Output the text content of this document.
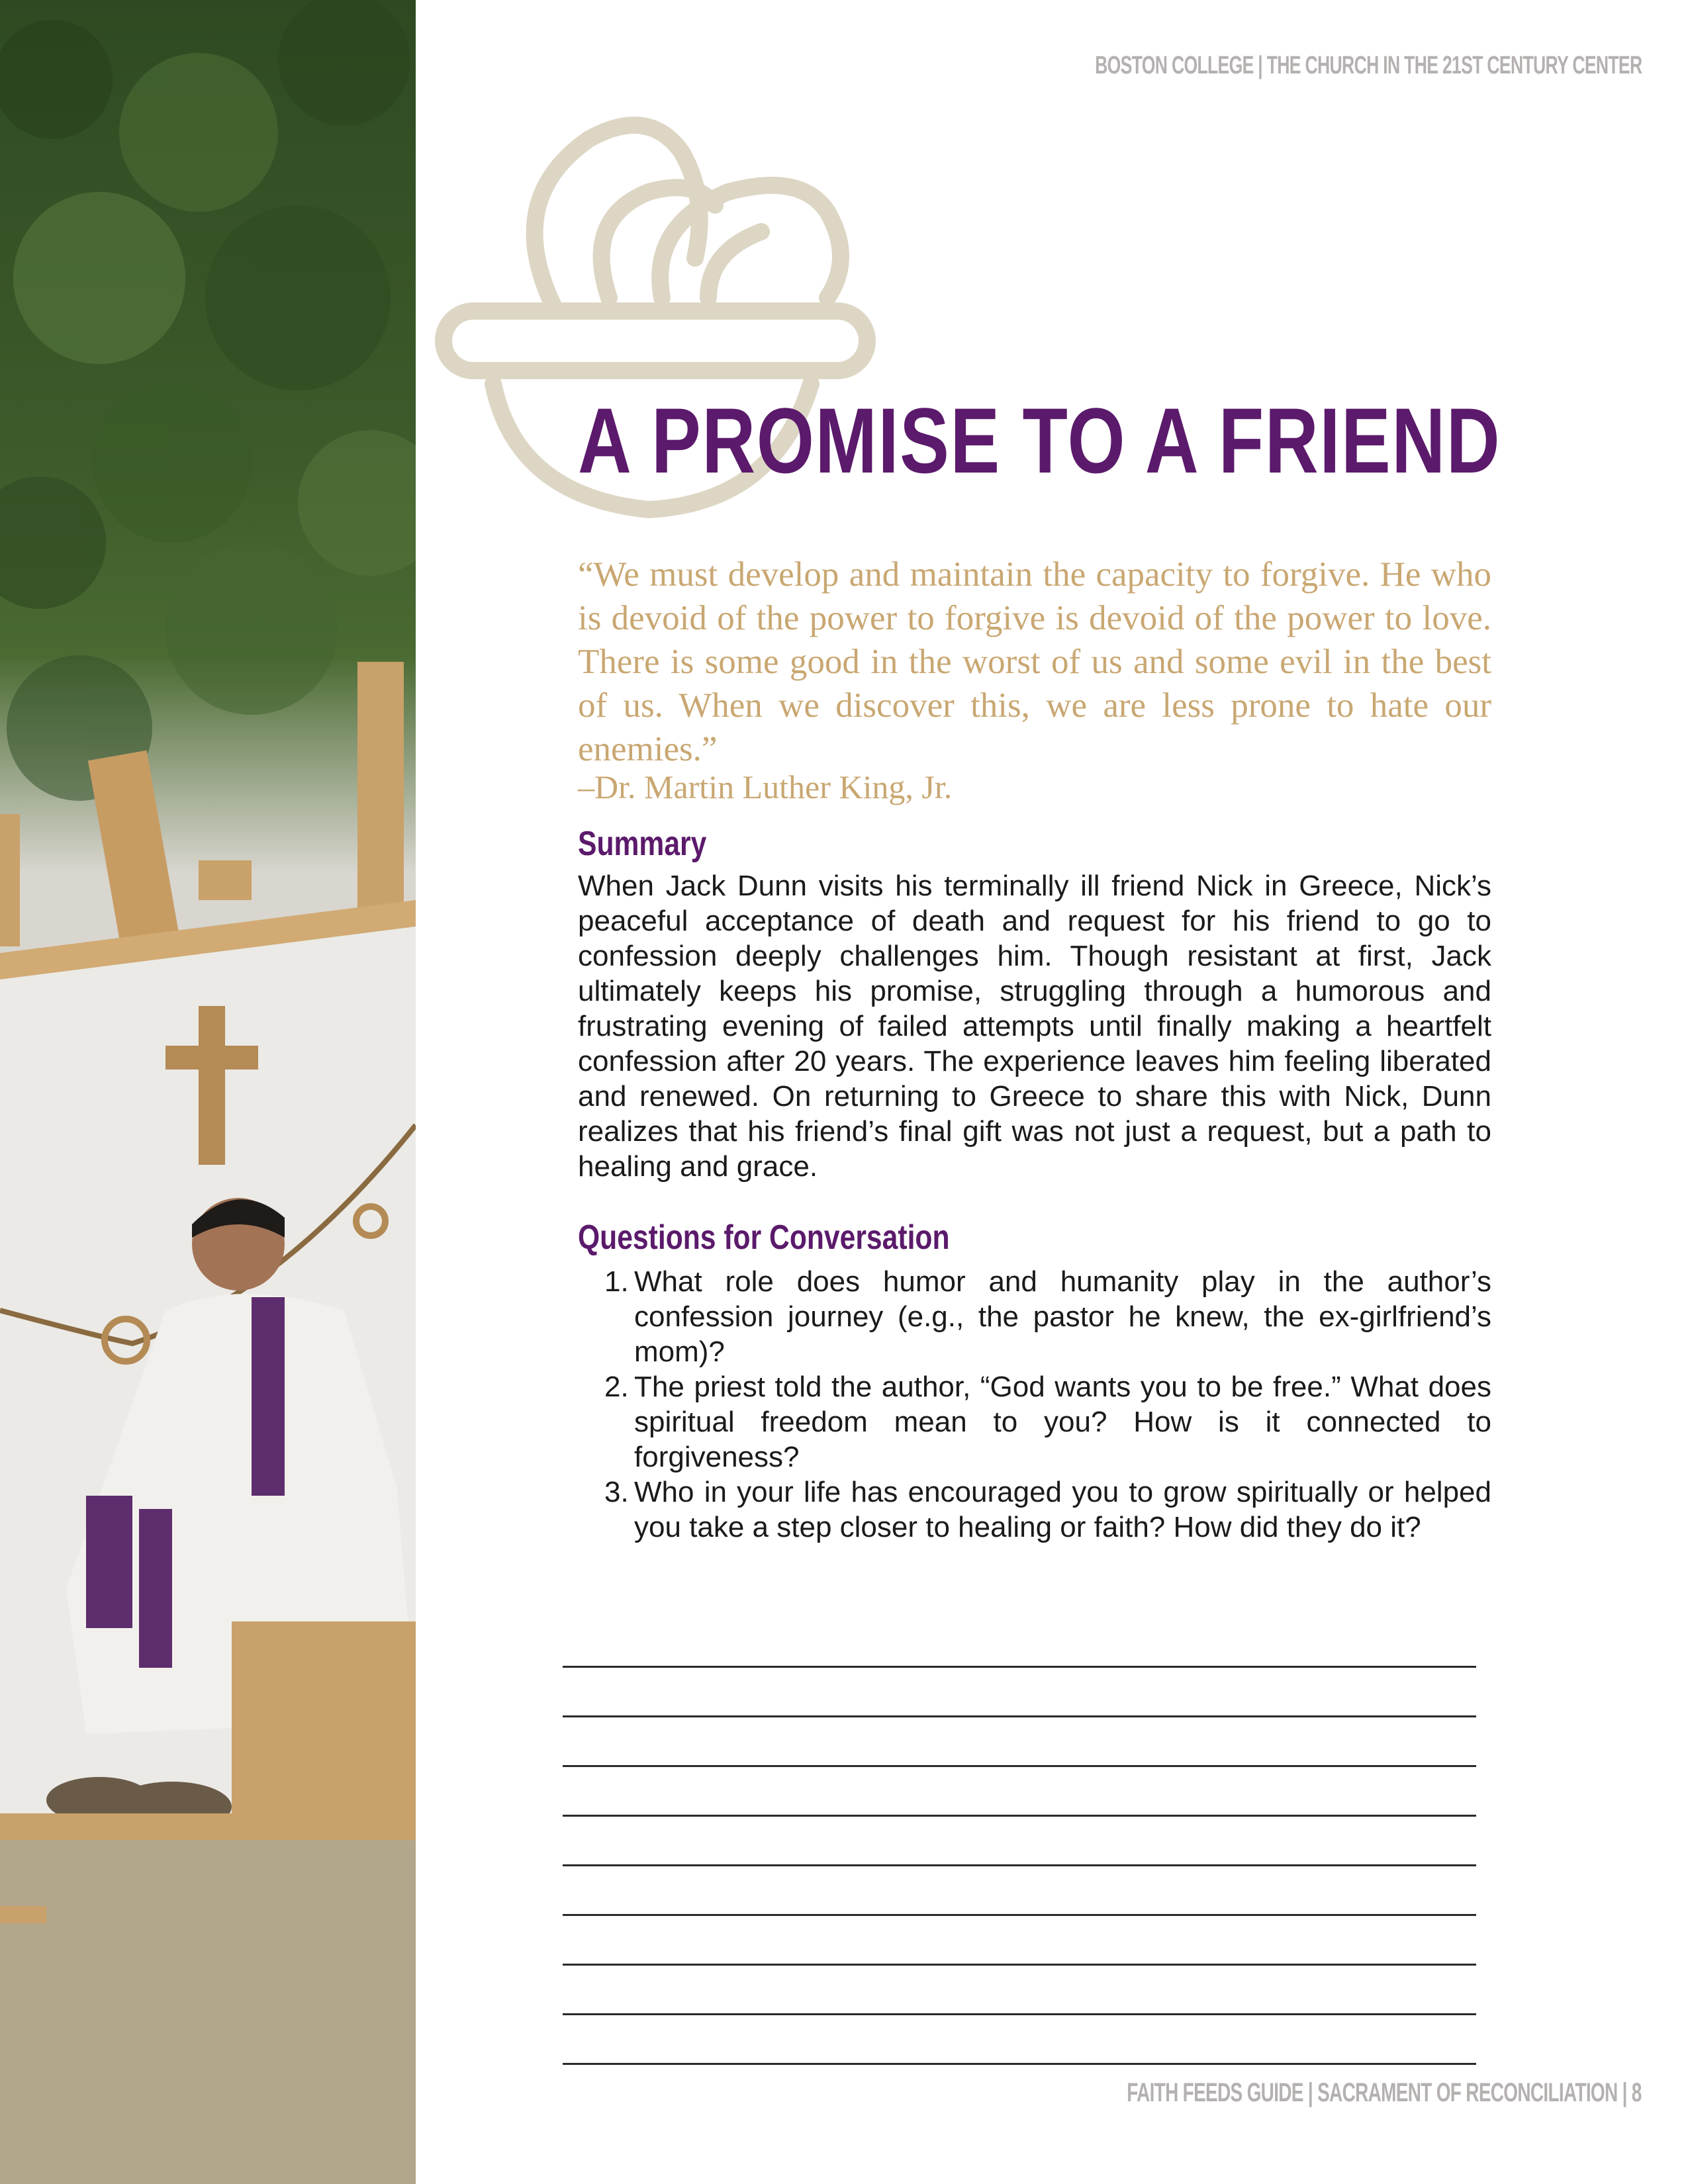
BOSTON COLLEGE | THE CHURCH IN THE 21ST CENTURY CENTER
A PROMISE TO A FRIEND
“We must develop and maintain the capacity to forgive. He who is devoid of the power to forgive is devoid of the power to love. There is some good in the worst of us and some evil in the best of us. When we discover this, we are less prone to hate our enemies.”
–Dr. Martin Luther King, Jr.
Summary
When Jack Dunn visits his terminally ill friend Nick in Greece, Nick’s peaceful acceptance of death and request for his friend to go to confession deeply challenges him. Though resistant at first, Jack ultimately keeps his promise, struggling through a humorous and frustrating evening of failed attempts until finally making a heartfelt confession after 20 years. The experience leaves him feeling liberated and renewed. On returning to Greece to share this with Nick, Dunn realizes that his friend’s final gift was not just a request, but a path to healing and grace.
Questions for Conversation
1. What role does humor and humanity play in the author’s confession journey (e.g., the pastor he knew, the ex-girlfriend’s mom)?
2. The priest told the author, “God wants you to be free.” What does spiritual freedom mean to you? How is it connected to forgiveness?
3. Who in your life has encouraged you to grow spiritually or helped you take a step closer to healing or faith? How did they do it?
FAITH FEEDS GUIDE | SACRAMENT OF RECONCILIATION | 8
